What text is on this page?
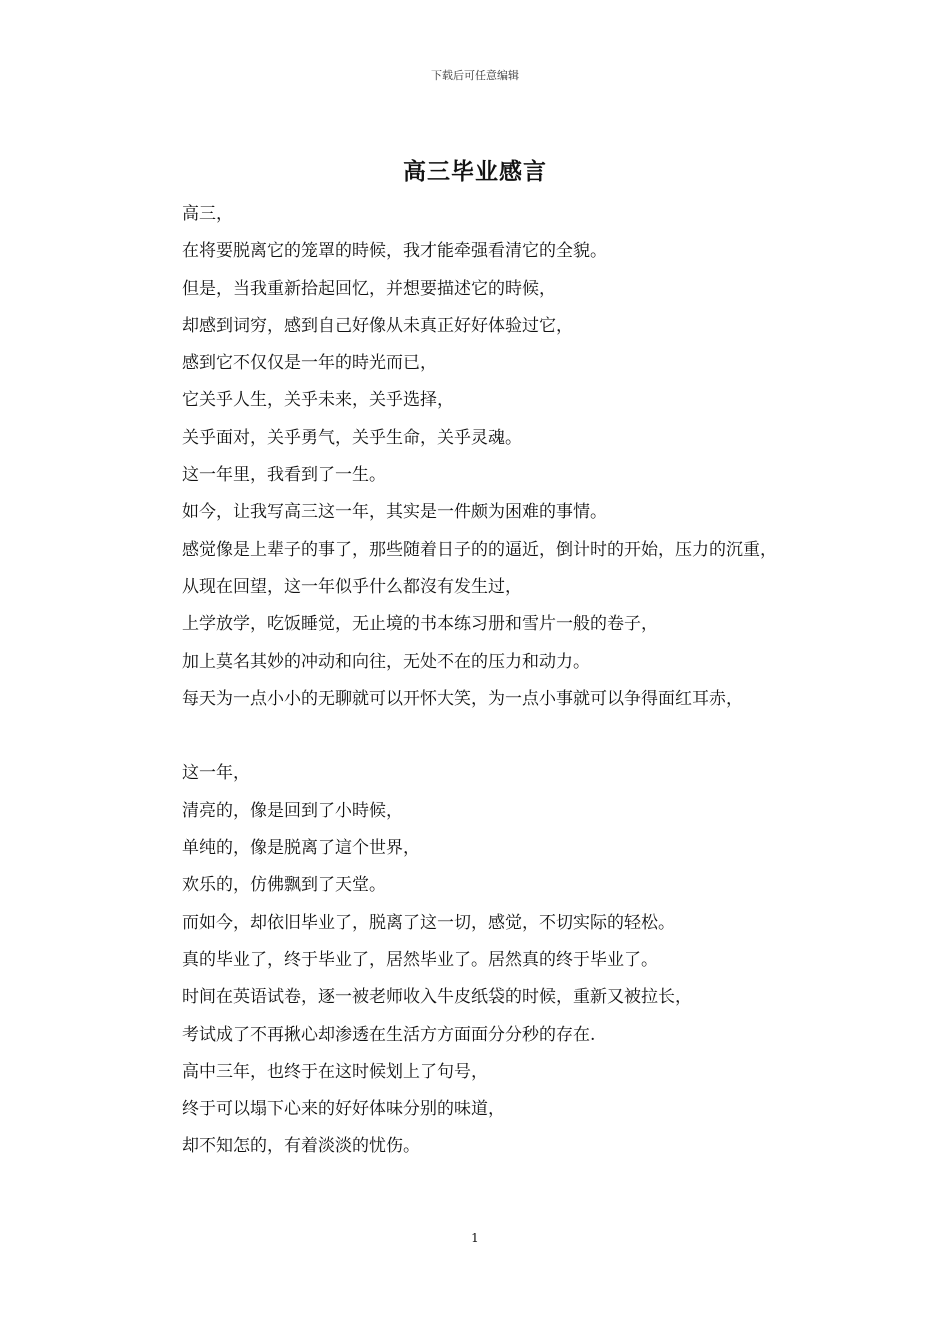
下载后可任意编辑
高三毕业感言
高三，
在将要脱离它的笼罩的時候，我才能牵强看清它的全貌。
但是，当我重新拾起回忆，并想要描述它的時候，
却感到词穷，感到自己好像从未真正好好体验过它，
感到它不仅仅是一年的時光而已，
它关乎人生，关乎未来，关乎选择，
关乎面对，关乎勇气，关乎生命，关乎灵魂。
这一年里，我看到了一生。
如今，让我写高三这一年，其实是一件颇为困难的事情。
感觉像是上辈子的事了，那些随着日子的的逼近，倒计时的开始，压力的沉重，
从现在回望，这一年似乎什么都沒有发生过，
上学放学，吃饭睡觉，无止境的书本练习册和雪片一般的卷子，
加上莫名其妙的冲动和向往，无处不在的压力和动力。
每天为一点小小的无聊就可以开怀大笑，为一点小事就可以争得面红耳赤，
这一年，
清亮的，像是回到了小時候，
单纯的，像是脱离了這个世界，
欢乐的，仿佛飘到了天堂。
而如今，却依旧毕业了，脱离了这一切，感觉，不切实际的轻松。
真的毕业了，终于毕业了，居然毕业了。居然真的终于毕业了。
时间在英语试卷，逐一被老师收入牛皮纸袋的时候，重新又被拉长，
考试成了不再揪心却渗透在生活方方面面分分秒的存在.
高中三年，也终于在这时候划上了句号，
终于可以塌下心来的好好体味分别的味道，
却不知怎的，有着淡淡的忧伤。
1
